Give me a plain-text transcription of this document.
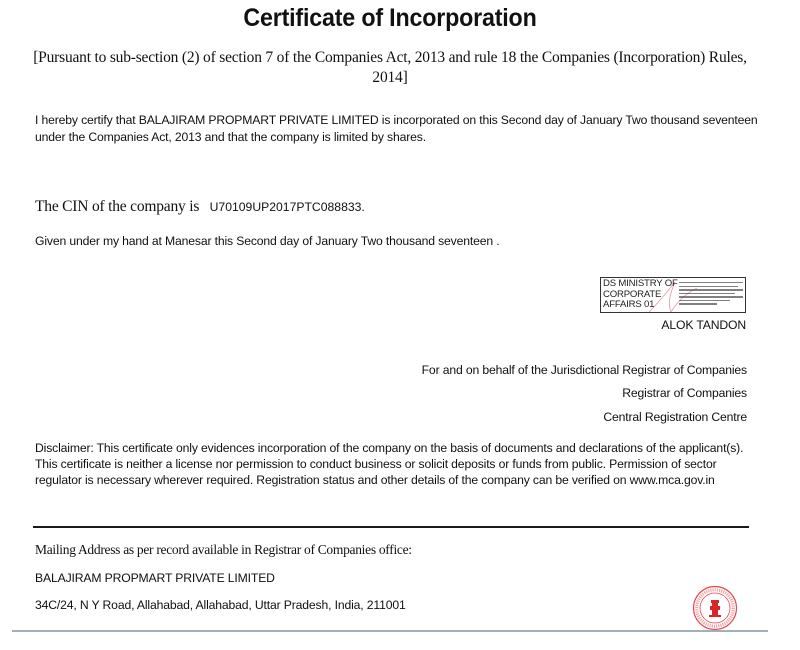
Certificate of Incorporation
[Pursuant to sub-section (2) of section 7 of the Companies Act, 2013 and rule 18 the Companies (Incorporation) Rules, 2014]
I hereby certify that BALAJIRAM PROPMART PRIVATE LIMITED is incorporated on this Second day of January Two thousand seventeen under the Companies Act, 2013 and that the company is limited by shares.
The CIN of the company is U70109UP2017PTC088833.
Given under my hand at Manesar this Second day of January Two thousand seventeen .
DS MINISTRY OF
CORPORATE
AFFAIRS 01
ALOK TANDON
For and on behalf of the Jurisdictional Registrar of Companies
Registrar of Companies
Central Registration Centre
Disclaimer: This certificate only evidences incorporation of the company on the basis of documents and declarations of the applicant(s). This certificate is neither a license nor permission to conduct business or solicit deposits or funds from public. Permission of sector regulator is necessary wherever required. Registration status and other details of the company can be verified on www.mca.gov.in
Mailing Address as per record available in Registrar of Companies office:
BALAJIRAM PROPMART PRIVATE LIMITED
34C/24, N Y Road, Allahabad, Allahabad, Uttar Pradesh, India, 211001
